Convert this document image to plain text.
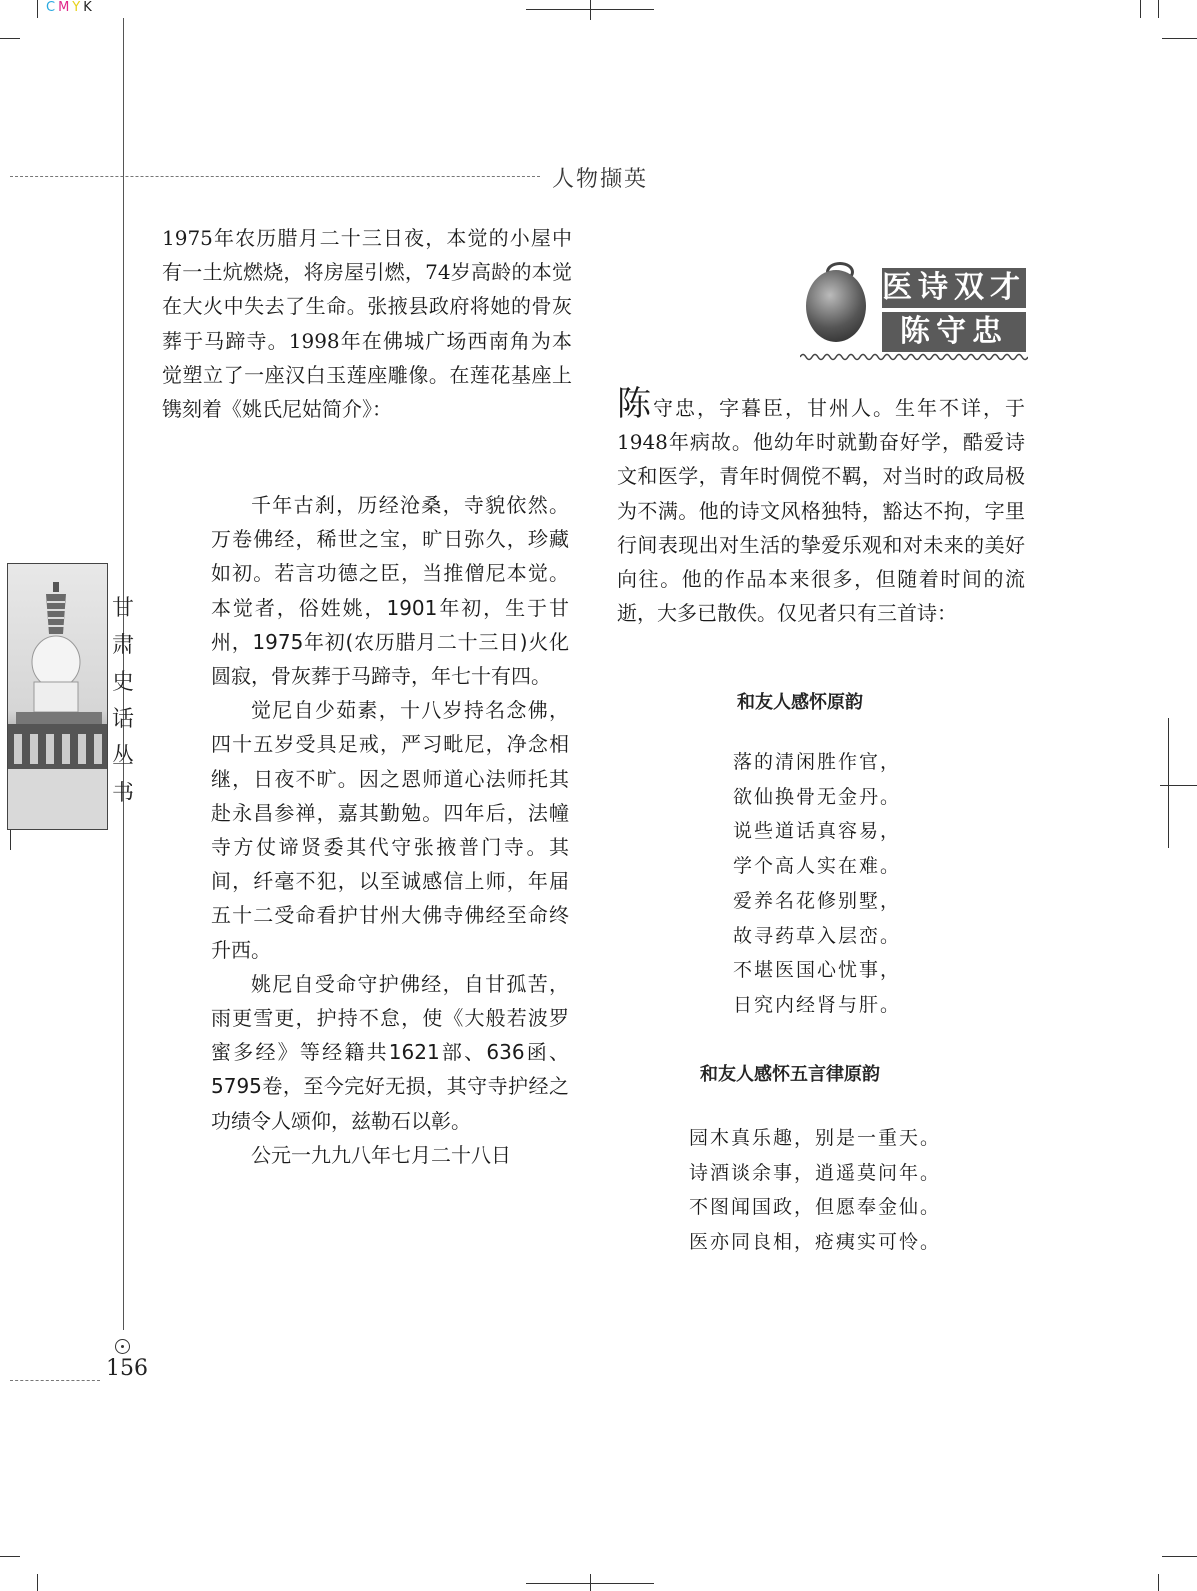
CMYK
人物撷英
甘
肃
史
话
丛
书
1975年农历腊月二十三日夜，本觉的小屋中有一土炕燃烧，将房屋引燃，74岁高龄的本觉在大火中失去了生命。张掖县政府将她的骨灰葬于马蹄寺。1998年在佛城广场西南角为本觉塑立了一座汉白玉莲座雕像。在莲花基座上镌刻着《姚氏尼姑简介》：

千年古刹，历经沧桑，寺貌依然。万卷佛经，稀世之宝，旷日弥久，珍藏如初。若言功德之臣，当推僧尼本觉。本觉者，俗姓姚，1901年初，生于甘州，1975年初(农历腊月二十三日)火化圆寂，骨灰葬于马蹄寺，年七十有四。

觉尼自少茹素，十八岁持名念佛，四十五岁受具足戒，严习毗尼，净念相继，日夜不旷。因之恩师道心法师托其赴永昌参禅，嘉其勤勉。四年后，法幢寺方仗谛贤委其代守张掖普门寺。其间，纤毫不犯，以至诚感信上师，年届五十二受命看护甘州大佛寺佛经至命终升西。

姚尼自受命守护佛经，自甘孤苦，雨更雪更，护持不怠，使《大般若波罗蜜多经》等经籍共1621部、636函、5795卷，至今完好无损，其守寺护经之功绩令人颂仰，兹勒石以彰。

公元一九九八年七月二十八日

医诗双才
陈守忠
陈守忠，字暮臣，甘州人。生年不详，于1948年病故。他幼年时就勤奋好学，酷爱诗文和医学，青年时倜傥不羁，对当时的政局极为不满。他的诗文风格独特，豁达不拘，字里行间表现出对生活的挚爱乐观和对未来的美好向往。他的作品本来很多，但随着时间的流逝，大多已散佚。仅见者只有三首诗：
和友人感怀原韵
落的清闲胜作官，
欲仙换骨无金丹。
说些道话真容易，
学个高人实在难。
爱养名花修别墅，
故寻药草入层峦。
不堪医国心忧事，
日究内经肾与肝。
和友人感怀五言律原韵
园木真乐趣，别是一重天。
诗酒谈余事，逍遥莫问年。
不图闻国政，但愿奉金仙。
医亦同良相，疮痍实可怜。
156
